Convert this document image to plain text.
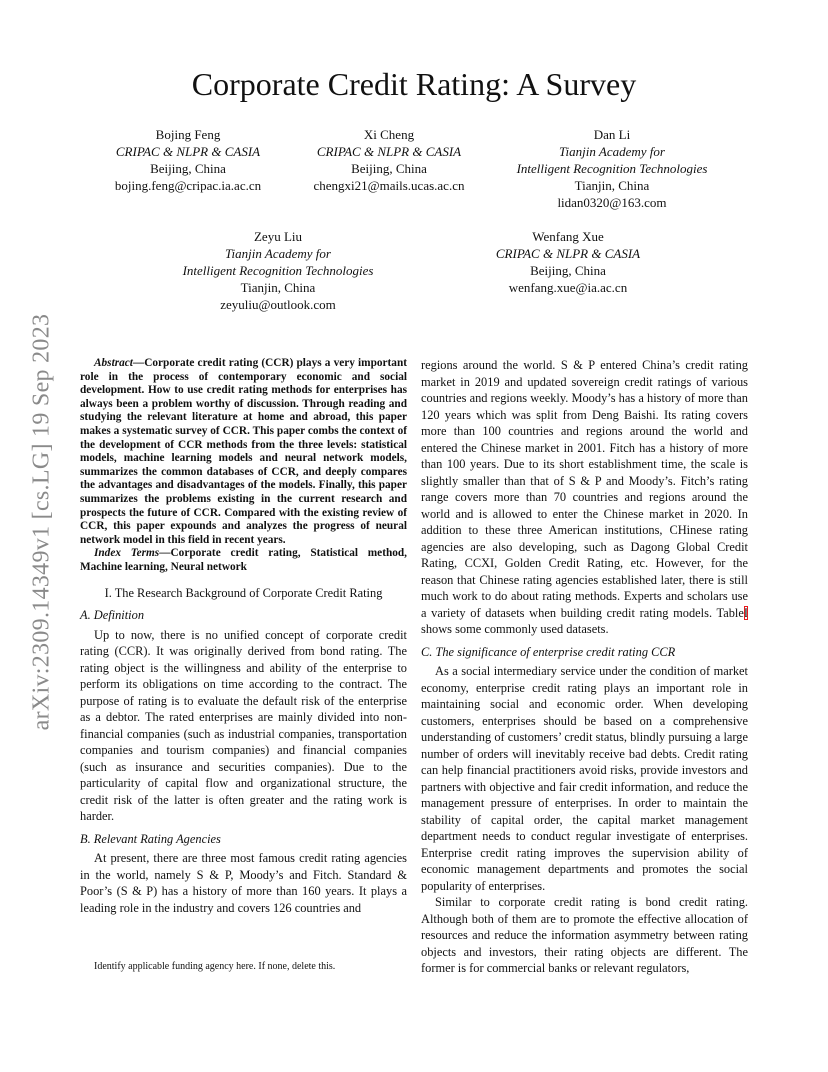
Corporate Credit Rating: A Survey
Bojing Feng
CRIPAC & NLPR & CASIA
Beijing, China
bojing.feng@cripac.ia.ac.cn
Xi Cheng
CRIPAC & NLPR & CASIA
Beijing, China
chengxi21@mails.ucas.ac.cn
Dan Li
Tianjin Academy for
Intelligent Recognition Technologies
Tianjin, China
lidan0320@163.com
Zeyu Liu
Tianjin Academy for
Intelligent Recognition Technologies
Tianjin, China
zeyuliu@outlook.com
Wenfang Xue
CRIPAC & NLPR & CASIA
Beijing, China
wenfang.xue@ia.ac.cn
arXiv:2309.14349v1 [cs.LG] 19 Sep 2023	Abstract—Corporate credit rating (CCR) plays a very important role in the process of contemporary economic and social development. How to use credit rating methods for enterprises has always been a problem worthy of discussion. Through reading and studying the relevant literature at home and abroad, this paper makes a systematic survey of CCR. This paper combs the context of the development of CCR methods from the three levels: statistical models, machine learning models and neural network models, summarizes the common databases of CCR, and deeply compares the advantages and disadvantages of the models. Finally, this paper summarizes the problems existing in the current research and prospects the future of CCR. Compared with the existing review of CCR, this paper expounds and analyzes the progress of neural network model in this field in recent years.

Index Terms—Corporate credit rating, Statistical method, Machine learning, Neural network

I. The Research Background of Corporate Credit Rating
A. Definition

Up to now, there is no unified concept of corporate credit rating (CCR). It was originally derived from bond rating. The rating object is the willingness and ability of the enterprise to perform its obligations on time according to the contract. The purpose of rating is to evaluate the default risk of the enterprise as a debtor. The rated enterprises are mainly divided into non-financial companies (such as industrial companies, transportation companies and tourism companies) and financial companies (such as insurance and securities companies). Due to the particularity of capital flow and organizational structure, the credit risk of the latter is often greater and the rating work is harder.

B. Relevant Rating Agencies

At present, there are three most famous credit rating agencies in the world, namely S & P, Moody’s and Fitch. Standard & Poor’s (S & P) has a history of more than 160 years. It plays a leading role in the industry and covers 126 countries and

Identify applicable funding agency here. If none, delete this.

regions around the world. S & P entered China’s credit rating market in 2019 and updated sovereign credit ratings of various countries and regions weekly. Moody’s has a history of more than 120 years which was split from Deng Baishi. Its rating covers more than 100 countries and regions around the world and entered the Chinese market in 2001. Fitch has a history of more than 100 years. Due to its short establishment time, the scale is slightly smaller than that of S & P and Moody’s. Fitch’s rating range covers more than 70 countries and regions around the world and is allowed to enter the Chinese market in 2020. In addition to these three American institutions, CHinese rating agencies are also developing, such as Dagong Global Credit Rating, CCXI, Golden Credit Rating, etc. However, for the reason that Chinese rating agencies established later, there is still much work to do about rating methods. Experts and scholars use a variety of datasets when building credit rating models. TableI shows some commonly used datasets.

C. The significance of enterprise credit rating CCR

As a social intermediary service under the condition of market economy, enterprise credit rating plays an important role in maintaining social and economic order. When developing customers, enterprises should be based on a comprehensive understanding of customers’ credit status, blindly pursuing a large number of orders will inevitably receive bad debts. Credit rating can help financial practitioners avoid risks, provide investors and partners with objective and fair credit information, and reduce the management pressure of enterprises. In order to maintain the stability of capital order, the capital market management department needs to conduct regular investigate of enterprises. Enterprise credit rating improves the supervision ability of economic management departments and promotes the social popularity of enterprises.

Similar to corporate credit rating is bond credit rating. Although both of them are to promote the effective allocation of resources and reduce the information asymmetry between rating objects and investors, their rating objects are different. The former is for commercial banks or relevant regulators,
